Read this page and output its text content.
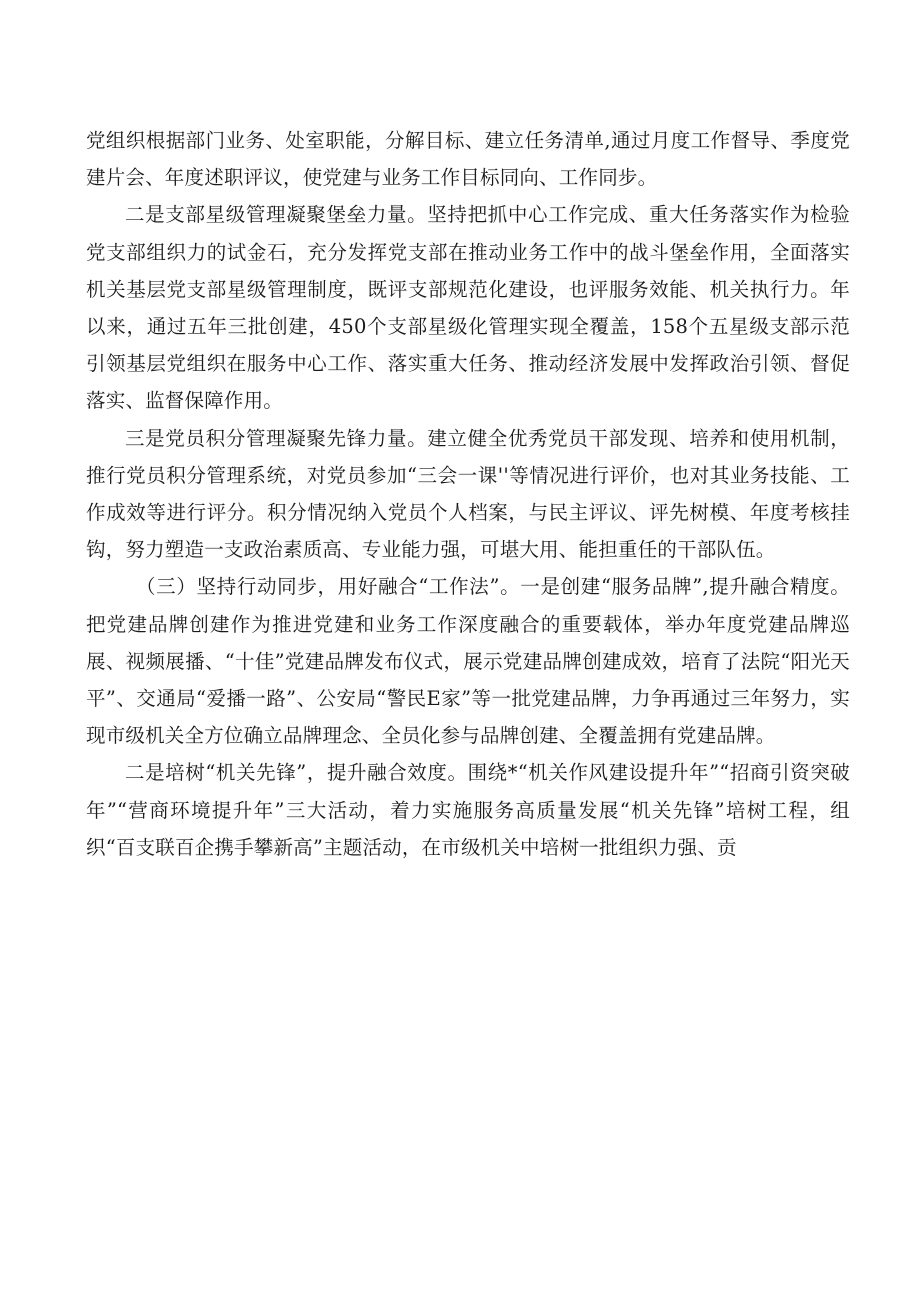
党组织根据部门业务、处室职能，分解目标、建立任务清单,通过月度工作督导、季度党建片会、年度述职评议，使党建与业务工作目标同向、工作同步。

二是支部星级管理凝聚堡垒力量。坚持把抓中心工作完成、重大任务落实作为检验党支部组织力的试金石，充分发挥党支部在推动业务工作中的战斗堡垒作用，全面落实机关基层党支部星级管理制度，既评支部规范化建设，也评服务效能、机关执行力。年以来，通过五年三批创建，450个支部星级化管理实现全覆盖，158个五星级支部示范引领基层党组织在服务中心工作、落实重大任务、推动经济发展中发挥政治引领、督促落实、监督保障作用。

三是党员积分管理凝聚先锋力量。建立健全优秀党员干部发现、培养和使用机制，推行党员积分管理系统，对党员参加“三会一课''等情况进行评价，也对其业务技能、工作成效等进行评分。积分情况纳入党员个人档案，与民主评议、评先树模、年度考核挂钩，努力塑造一支政治素质高、专业能力强，可堪大用、能担重任的干部队伍。

（三）坚持行动同步，用好融合“工作法”。一是创建“服务品牌”,提升融合精度。把党建品牌创建作为推进党建和业务工作深度融合的重要载体，举办年度党建品牌巡展、视频展播、“十佳”党建品牌发布仪式，展示党建品牌创建成效，培育了法院“阳光天平”、交通局“爱播一路”、公安局“警民E家”等一批党建品牌，力争再通过三年努力，实现市级机关全方位确立品牌理念、全员化参与品牌创建、全覆盖拥有党建品牌。

二是培树“机关先锋”，提升融合效度。围绕*“机关作风建设提升年”“招商引资突破年”“营商环境提升年”三大活动，着力实施服务高质量发展“机关先锋”培树工程，组织“百支联百企携手攀新高”主题活动，在市级机关中培树一批组织力强、贡
